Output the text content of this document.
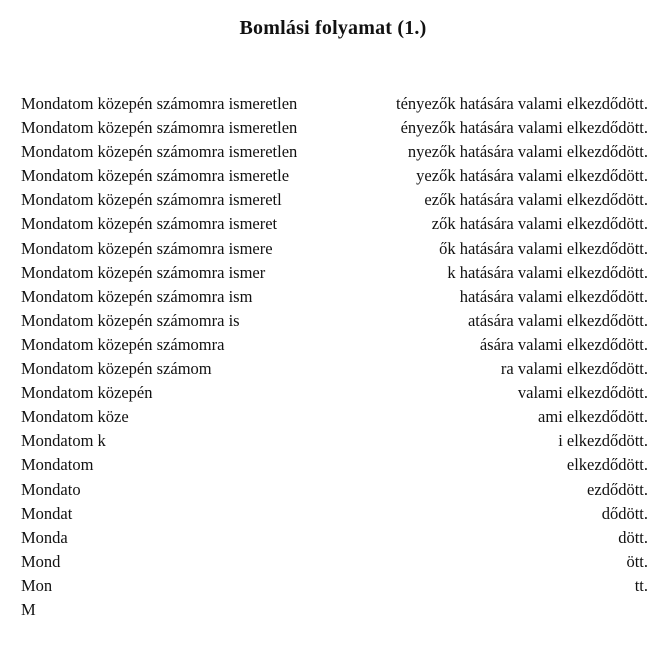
Bomlási folyamat (1.)
Mondatom közepén számomra ismeretlen	tényezők hatására valami elkezdődött.
Mondatom közepén számomra ismeretlen	ényezők hatására valami elkezdődött.
Mondatom közepén számomra ismeretlen	nyezők hatására valami elkezdődött.
Mondatom közepén számomra ismeretle	yezők hatására valami elkezdődött.
Mondatom közepén számomra ismeretl	ezők hatására valami elkezdődött.
Mondatom közepén számomra ismeret	zők hatására valami elkezdődött.
Mondatom közepén számomra ismere	ők hatására valami elkezdődött.
Mondatom közepén számomra ismer	k hatására valami elkezdődött.
Mondatom közepén számomra ism	hatására valami elkezdődött.
Mondatom közepén számomra is	atására valami elkezdődött.
Mondatom közepén számomra	ására valami elkezdődött.
Mondatom közepén számom	ra valami elkezdődött.
Mondatom közepén	valami elkezdődött.
Mondatom köze	ami elkezdődött.
Mondatom k	i elkezdődött.
Mondatom	elkezdődött.
Mondato	ezdődött.
Mondat	dődött.
Monda	dött.
Mond	ött.
Mon	tt.
M
